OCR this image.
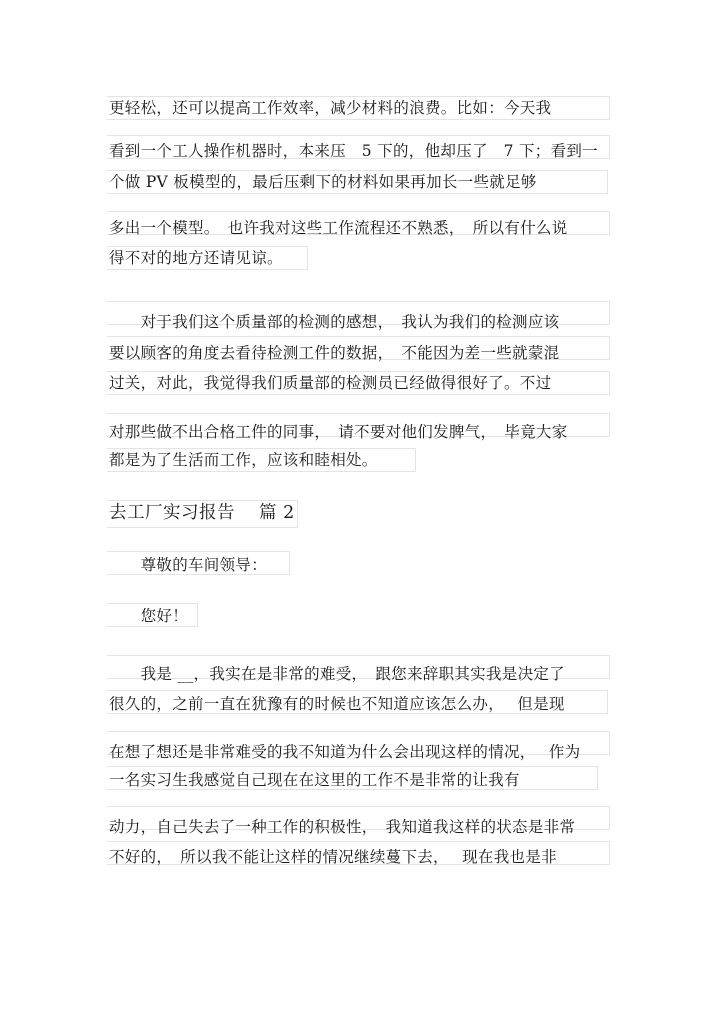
更轻松，还可以提高工作效率，减少材料的浪费。比如：今天我
看到一个工人操作机器时，本来压　5 下的，他却压了　7 下；看到一
个做 PV 板模型的，最后压剩下的材料如果再加长一些就足够
多出一个模型。　也许我对这些工作流程还不熟悉，　所以有什么说
得不对的地方还请见谅。
　　对于我们这个质量部的检测的感想，　我认为我们的检测应该
要以顾客的角度去看待检测工件的数据，　不能因为差一些就蒙混
过关，对此，我觉得我们质量部的检测员已经做得很好了。不过
对那些做不出合格工件的同事，　请不要对他们发脾气，　毕竟大家
都是为了生活而工作，应该和睦相处。
去工厂实习报告　 篇 2
　　尊敬的车间领导：
　　您好！
　　我是 __，我实在是非常的难受，　跟您来辞职其实我是决定了
很久的，之前一直在犹豫有的时候也不知道应该怎么办，　 但是现
在想了想还是非常难受的我不知道为什么会出现这样的情况，　 作为
一名实习生我感觉自己现在在这里的工作不是非常的让我有
动力，自己失去了一种工作的积极性，　我知道我这样的状态是非常
不好的，　所以我不能让这样的情况继续蔓下去，　 现在我也是非
